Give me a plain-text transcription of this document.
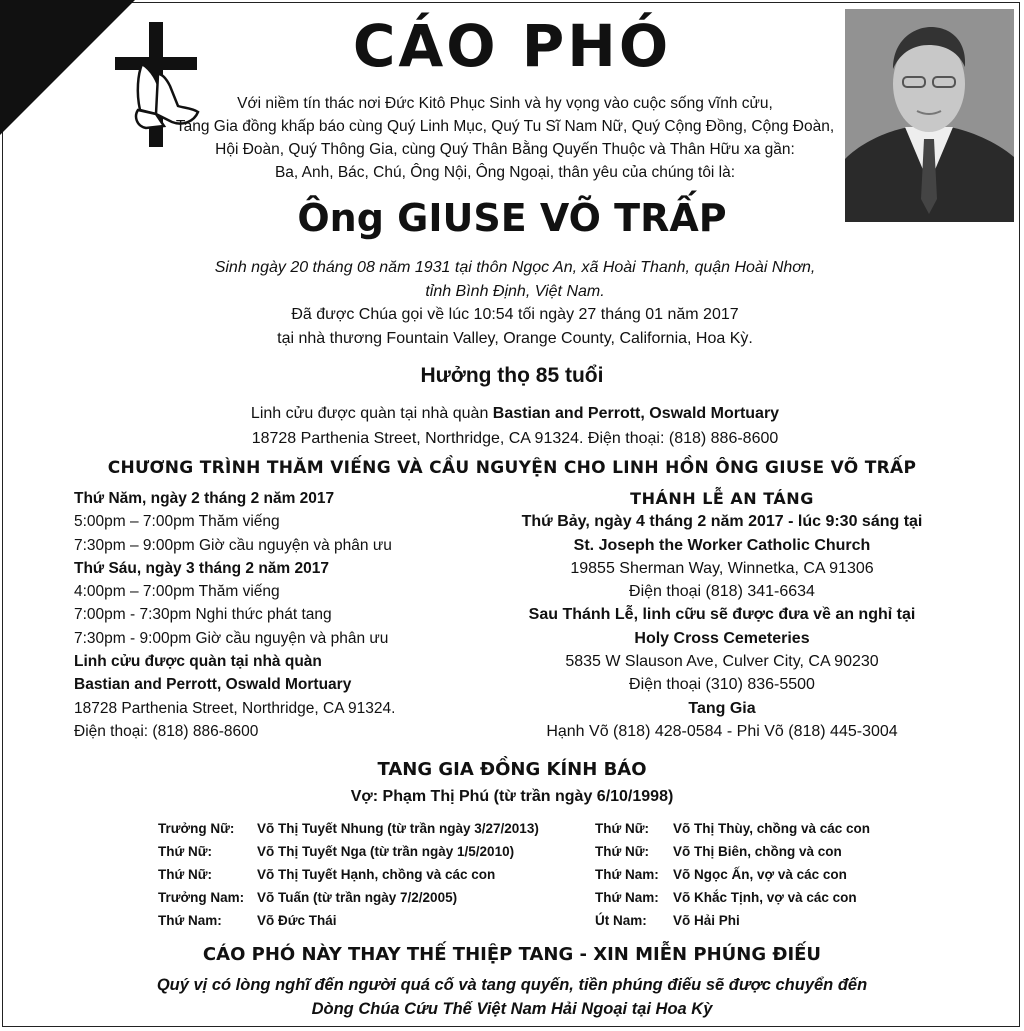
CÁO PHÓ
Với niềm tín thác nơi Đức Kitô Phục Sinh và hy vọng vào cuộc sống vĩnh cửu,
Tang Gia đồng khấp báo cùng Quý Linh Mục, Quý Tu Sĩ Nam Nữ, Quý Cộng Đồng, Cộng Đoàn,
Hội Đoàn, Quý Thông Gia, cùng Quý Thân Bằng Quyến Thuộc và Thân Hữu xa gần:
Ba, Anh, Bác, Chú, Ông Nội, Ông Ngoại, thân yêu của chúng tôi là:
Ông GIUSE VÕ TRẤP
Sinh ngày 20 tháng 08 năm 1931 tại thôn Ngọc An, xã Hoài Thanh, quận Hoài Nhơn,
tỉnh Bình Định, Việt Nam.
Đã được Chúa gọi về lúc 10:54 tối ngày 27 tháng 01 năm 2017
tại nhà thương Fountain Valley, Orange County, California, Hoa Kỳ.
Hưởng thọ 85 tuổi
Linh cửu được quàn tại nhà quàn Bastian and Perrott, Oswald Mortuary
18728 Parthenia Street, Northridge, CA 91324. Điện thoại: (818) 886-8600
CHƯƠNG TRÌNH THĂM VIẾNG VÀ CẦU NGUYỆN CHO LINH HỒN ÔNG GIUSE VÕ TRẤP
Thứ Năm, ngày 2 tháng 2 năm 2017
5:00pm – 7:00pm Thăm viếng
7:30pm – 9:00pm Giờ cầu nguyện và phân ưu
Thứ Sáu, ngày 3 tháng 2 năm 2017
4:00pm – 7:00pm Thăm viếng
7:00pm - 7:30pm Nghi thức phát tang
7:30pm - 9:00pm Giờ cầu nguyện và phân ưu
Linh cửu được quàn tại nhà quàn
Bastian and Perrott, Oswald Mortuary
18728 Parthenia Street, Northridge, CA 91324.
Điện thoại: (818) 886-8600
THÁNH LỄ AN TÁNG
Thứ Bảy, ngày 4 tháng 2 năm 2017 - lúc 9:30 sáng tại
St. Joseph the Worker Catholic Church
19855 Sherman Way, Winnetka, CA 91306
Điện thoại (818) 341-6634
Sau Thánh Lễ, linh cữu sẽ được đưa về an nghỉ tại
Holy Cross Cemeteries
5835 W Slauson Ave, Culver City, CA 90230
Điện thoại (310) 836-5500
Tang Gia
Hạnh Võ (818) 428-0584 - Phi Võ (818) 445-3004
TANG GIA ĐỒNG KÍNH BÁO
Vợ: Phạm Thị Phú (từ trần ngày 6/10/1998)
Trưởng Nữ:
Thứ Nữ:
Thứ Nữ:
Trưởng Nam:
Thứ Nam:
Võ Thị Tuyết Nhung (từ trần ngày 3/27/2013)
Võ Thị Tuyết Nga (từ trần ngày 1/5/2010)
Võ Thị Tuyết Hạnh, chồng và các con
Võ Tuấn (từ trần ngày 7/2/2005)
Võ Đức Thái
Thứ Nữ:
Thứ Nữ:
Thứ Nam:
Thứ Nam:
Út Nam:
Võ Thị Thùy, chồng và các con
Võ Thị Biên, chồng và con
Võ Ngọc Ấn, vợ và các con
Võ Khắc Tịnh, vợ và các con
Võ Hải Phi
CÁO PHÓ NÀY THAY THẾ THIỆP TANG - XIN MIỄN PHÚNG ĐIẾU
Quý vị có lòng nghĩ đến người quá cố và tang quyến, tiền phúng điếu sẽ được chuyển đến
Dòng Chúa Cứu Thế Việt Nam Hải Ngoại tại Hoa Kỳ
